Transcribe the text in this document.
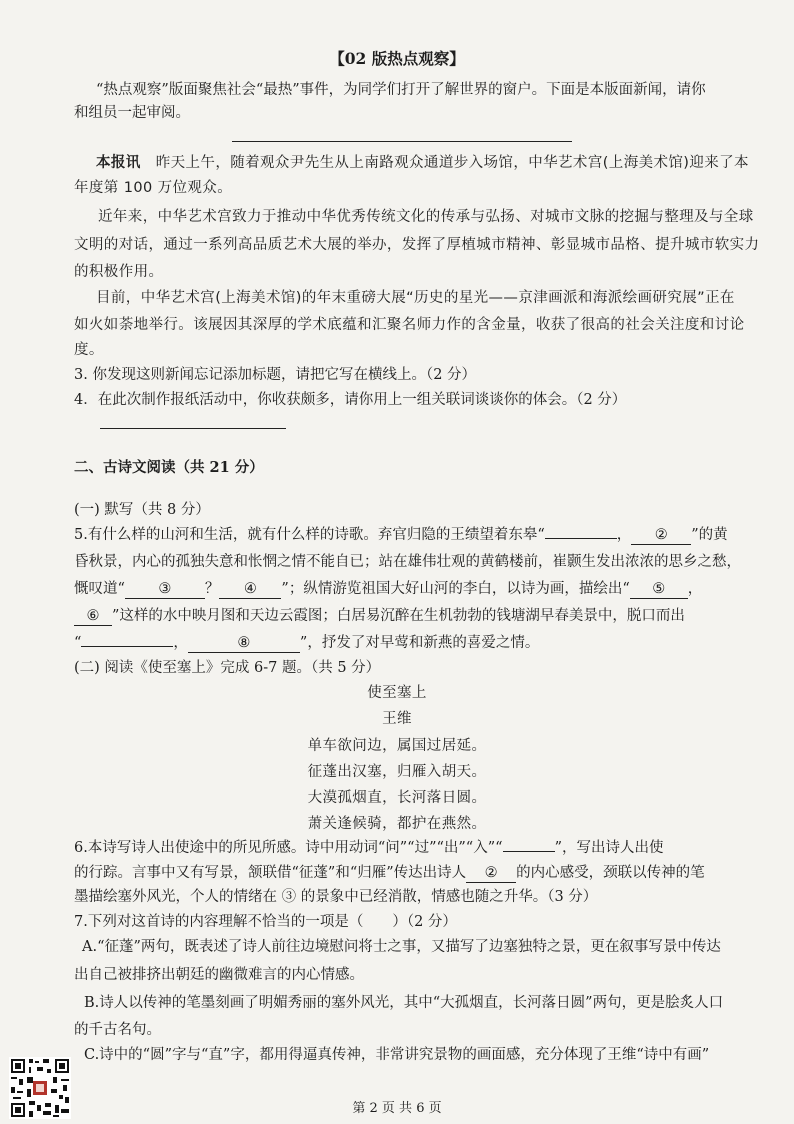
【02 版热点观察】
“热点观察”版面聚焦社会“最热”事件，为同学们打开了解世界的窗户。下面是本版面新闻，请你
和组员一起审阅。
本报讯 昨天上午，随着观众尹先生从上南路观众通道步入场馆，中华艺术宫(上海美术馆)迎来了本
年度第 100 万位观众。
近年来，中华艺术宫致力于推动中华优秀传统文化的传承与弘扬、对城市文脉的挖掘与整理及与全球
文明的对话，通过一系列高品质艺术大展的举办，发挥了厚植城市精神、彰显城市品格、提升城市软实力
的积极作用。
目前，中华艺术宫(上海美术馆)的年末重磅大展“历史的星光——京津画派和海派绘画研究展”正在
如火如荼地举行。该展因其深厚的学术底蕴和汇聚名师力作的含金量，收获了很高的社会关注度和讨论
度。
3. 你发现这则新闻忘记添加标题，请把它写在横线上。（2 分）
4．在此次制作报纸活动中，你收获颇多，请你用上一组关联词谈谈你的体会。（2 分）
二、古诗文阅读（共 21 分）
(一) 默写（共 8 分）
5.有什么样的山河和生活，就有什么样的诗歌。弃官归隐的王绩望着东皋“	， ② ”的黄
昏秋景，内心的孤独失意和怅惘之情不能自已；站在雄伟壮观的黄鹤楼前，崔颢生发出浓浓的思乡之愁，
慨叹道“ ③ ？ ④ ”；纵情游览祖国大好山河的李白，以诗为画，描绘出“ ⑤ ，
⑥ ”这样的水中映月图和天边云霞图；白居易沉醉在生机勃勃的钱塘湖早春美景中，脱口而出
“	，	⑧	”，抒发了对早莺和新燕的喜爱之情。
(二) 阅读《使至塞上》完成 6-7 题。（共 5 分）
使至塞上
王维
单车欲问边，属国过居延。
征蓬出汉塞，归雁入胡天。
大漠孤烟直，长河落日圆。
萧关逢候骑，都护在燕然。
6.本诗写诗人出使途中的所见所感。诗中用动词“问”“过”“出”“入”“	”，写出诗人出使
的行踪。言事中又有写景，颔联借“征蓬”和“归雁”传达出诗人 ② 的内心感受，颈联以传神的笔
墨描绘塞外风光，个人的情绪在 ③ 的景象中已经消散，情感也随之升华。（3 分）
7.下列对这首诗的内容理解不恰当的一项是（　　）（2 分）
A.“征蓬”两句，既表述了诗人前往边境慰问将士之事，又描写了边塞独特之景，更在叙事写景中传达
出自己被排挤出朝廷的幽微难言的内心情感。
B.诗人以传神的笔墨刻画了明媚秀丽的塞外风光，其中“大孤烟直，长河落日圆”两句，更是脍炙人口
的千古名句。
C.诗中的“圆”字与“直”字，都用得逼真传神，非常讲究景物的画面感，充分体现了王维“诗中有画”
第 2 页 共 6 页
